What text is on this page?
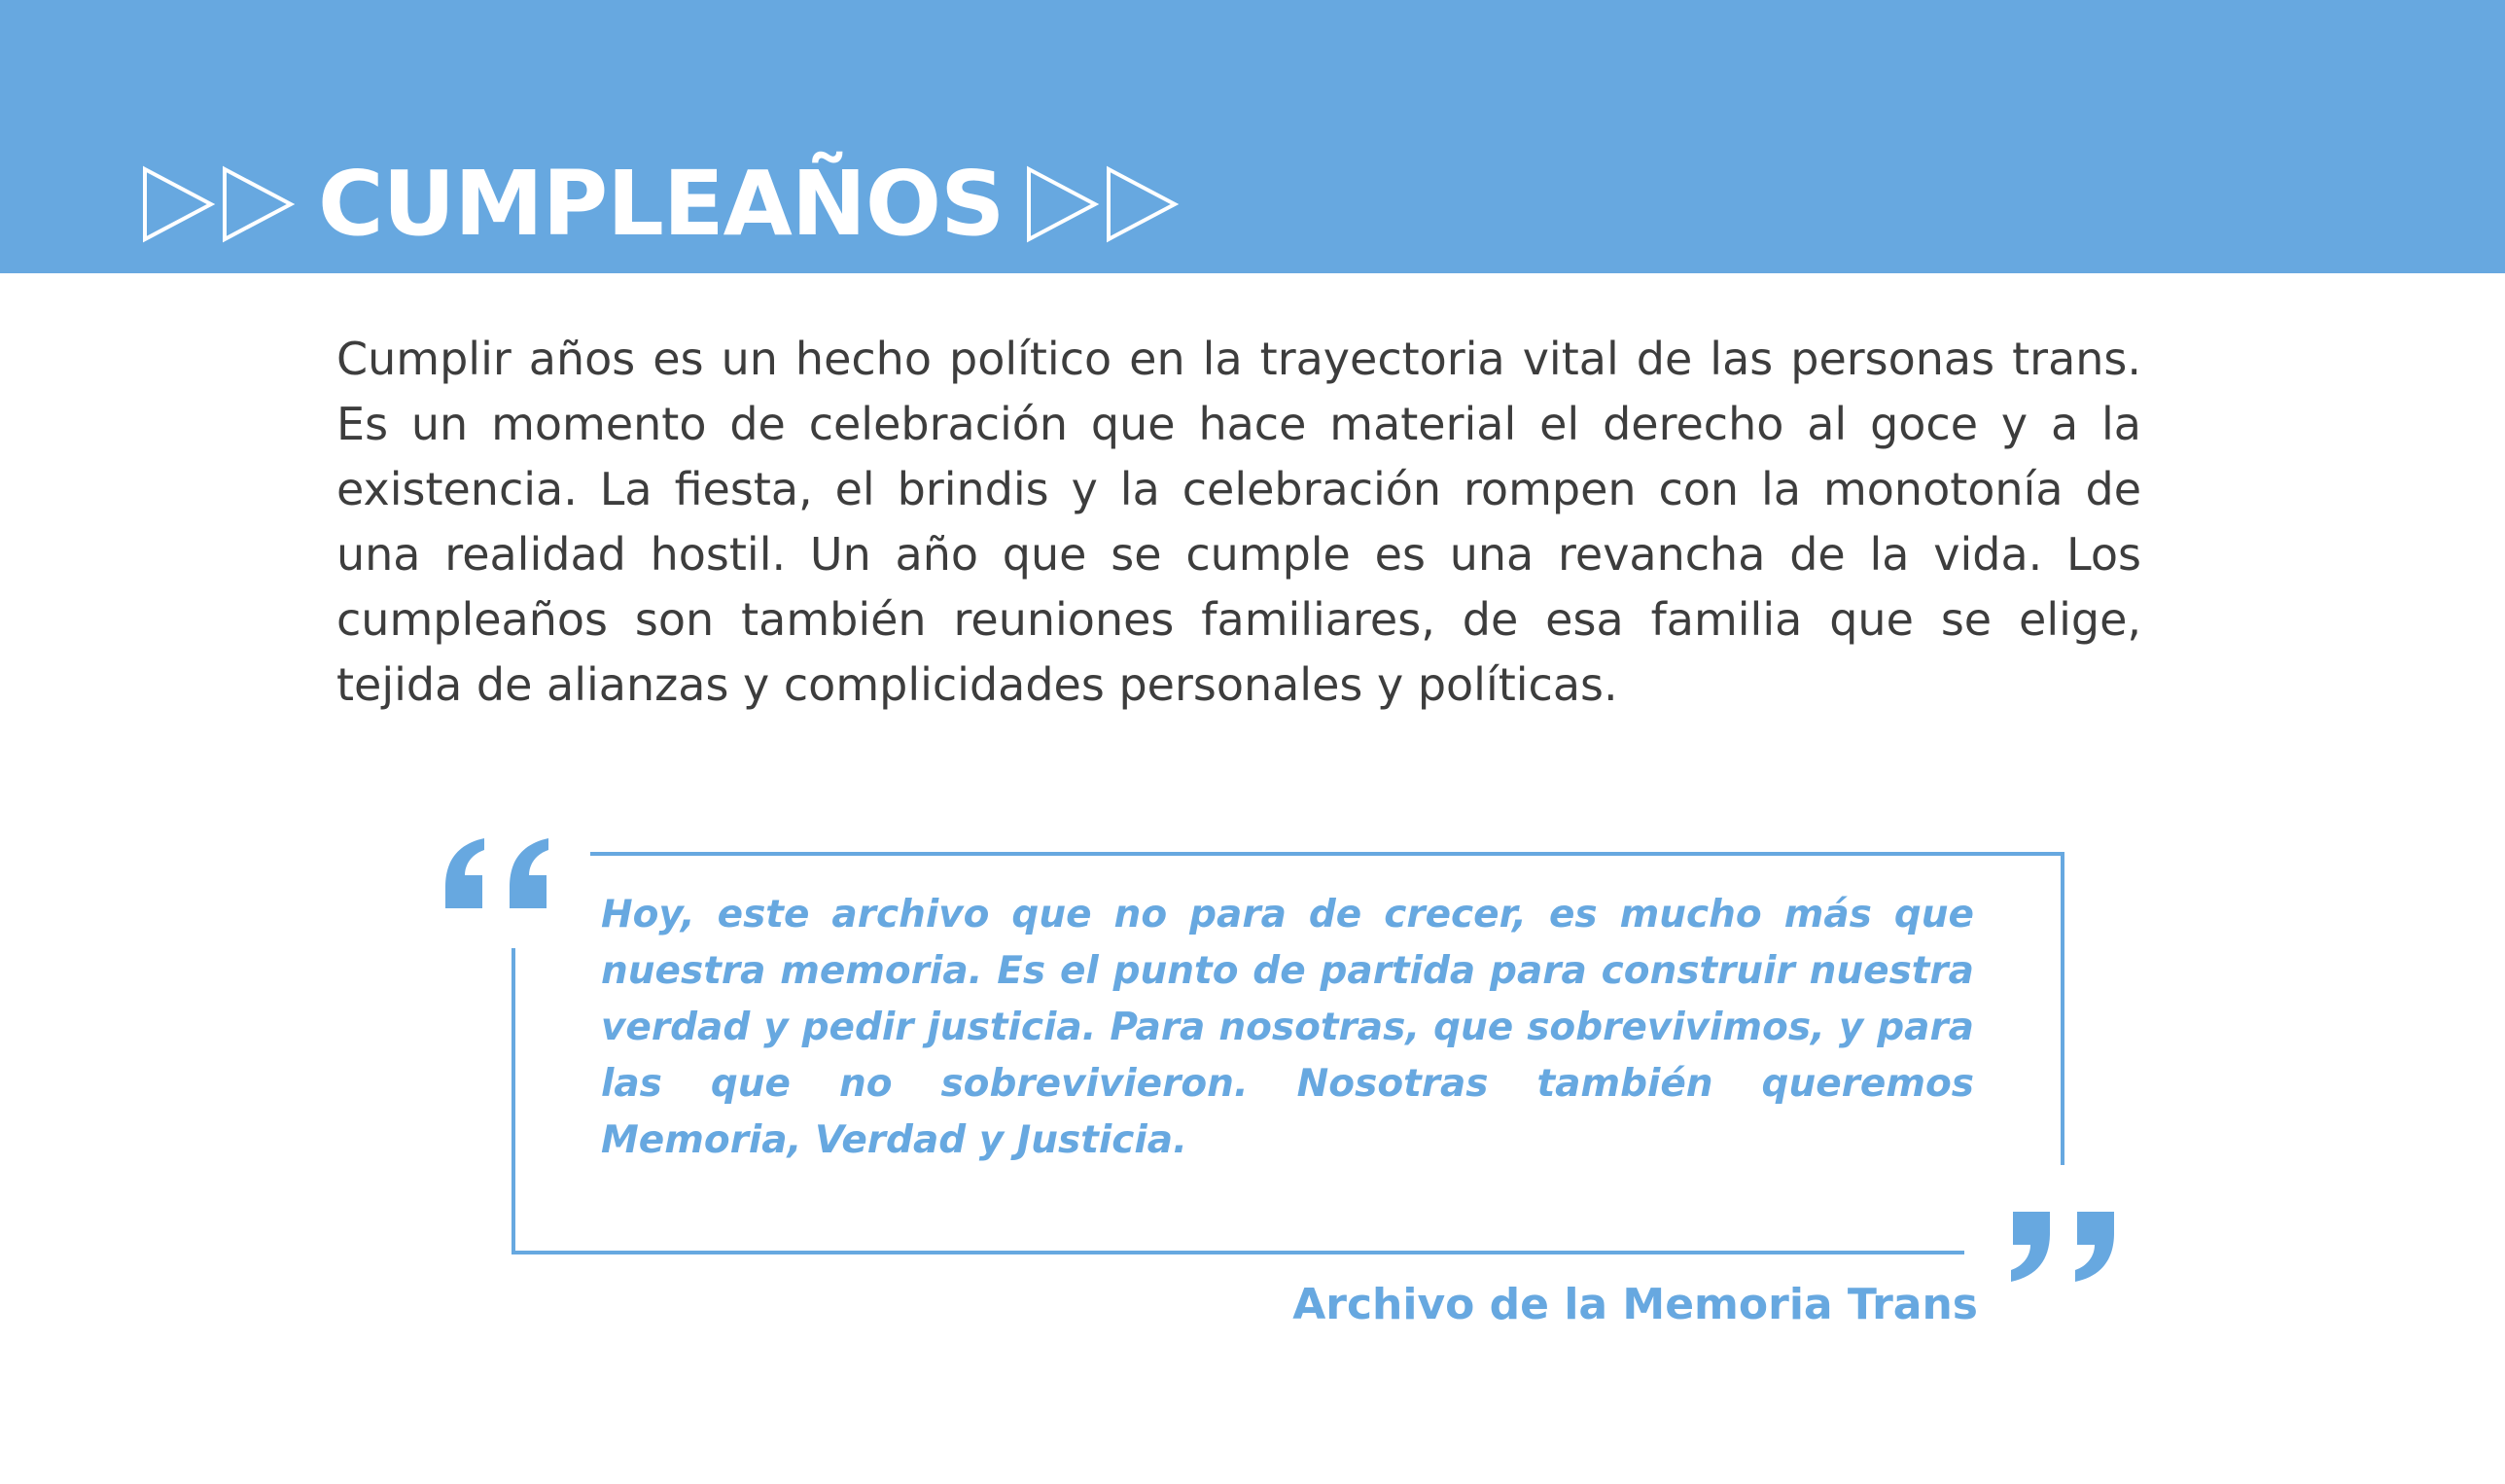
CUMPLEAÑOS

Cumplir años es un hecho político en la trayectoria vital de las personas trans. Es un momento de celebración que hace material el derecho al goce y a la existencia. La fiesta, el brindis y la celebración rompen con la monotonía de una realidad hostil. Un año que se cumple es una revancha de la vida. Los cumpleaños son también reuniones familiares, de esa familia que se elige, tejida de alianzas y complicidades personales y políticas.

Hoy, este archivo que no para de crecer, es mucho más que nuestra memoria. Es el punto de partida para construir nuestra verdad y pedir justicia. Para nosotras, que sobrevivimos, y para las que no sobrevivieron. Nosotras también queremos Memoria, Verdad y Justicia.

Archivo de la Memoria Trans
